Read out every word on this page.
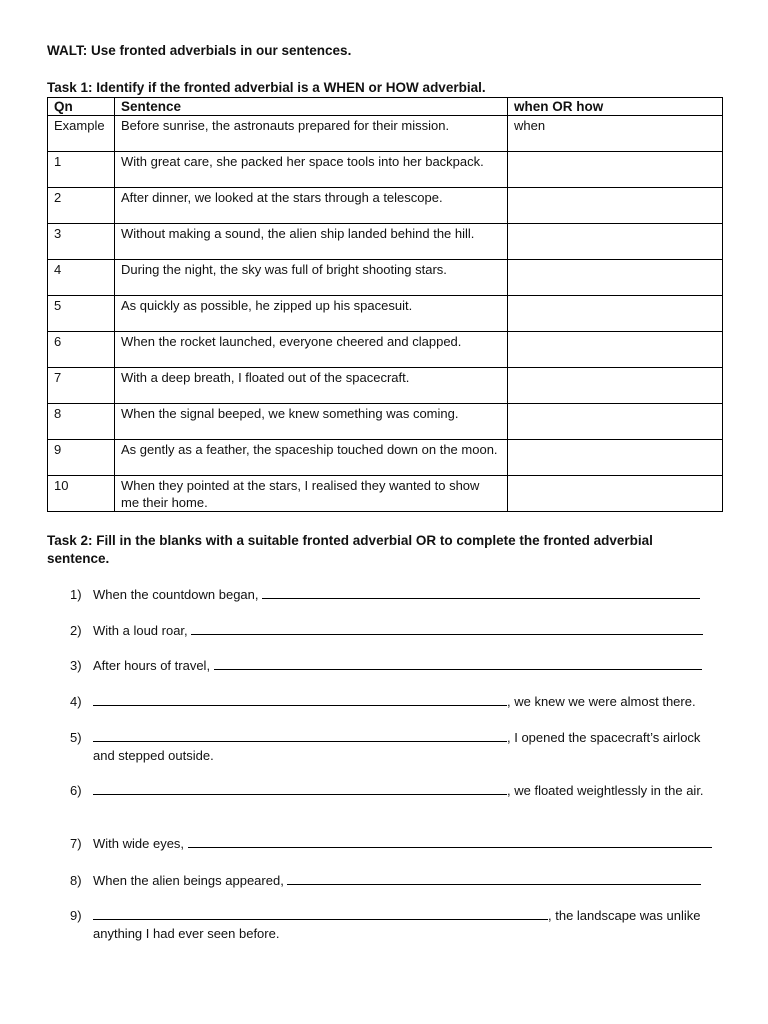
WALT: Use fronted adverbials in our sentences.
Task 1: Identify if the fronted adverbial is a WHEN or HOW adverbial.
Qn	Sentence	when OR how
Example	Before sunrise, the astronauts prepared for their mission.	when
1	With great care, she packed her space tools into her backpack.	
2	After dinner, we looked at the stars through a telescope.	
3	Without making a sound, the alien ship landed behind the hill.	
4	During the night, the sky was full of bright shooting stars.	
5	As quickly as possible, he zipped up his spacesuit.	
6	When the rocket launched, everyone cheered and clapped.	
7	With a deep breath, I floated out of the spacecraft.	
8	When the signal beeped, we knew something was coming.	
9	As gently as a feather, the spaceship touched down on the moon.	
10	When they pointed at the stars, I realised they wanted to show me their home.	
Task 2: Fill in the blanks with a suitable fronted adverbial OR to complete the fronted adverbial sentence.
1) When the countdown began,
2) With a loud roar,
3) After hours of travel,
4)	, we knew we were almost there.
5)	, I opened the spacecraft’s airlock and stepped outside.
6)	, we floated weightlessly in the air.
7) With wide eyes,
8) When the alien beings appeared,
9)	, the landscape was unlike anything I had ever seen before.
